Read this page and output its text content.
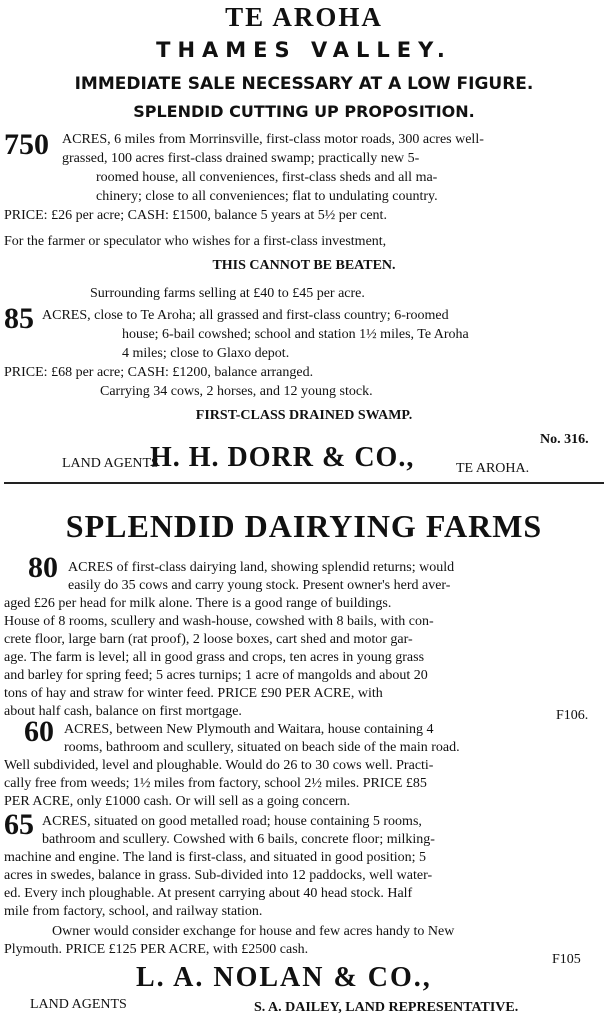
TE AROHA
THAMES VALLEY.
IMMEDIATE SALE NECESSARY AT A LOW FIGURE.
SPLENDID CUTTING UP PROPOSITION.
750 ACRES, 6 miles from Morrinsville, first-class motor roads, 300 acres well-
grassed, 100 acres first-class drained swamp; practically new 5-
roomed house, all conveniences, first-class sheds and all ma-
chinery; close to all conveniences; flat to undulating country.
PRICE: £26 per acre; CASH: £1500, balance 5 years at 5½ per cent.
For the farmer or speculator who wishes for a first-class investment,
THIS CANNOT BE BEATEN.
Surrounding farms selling at £40 to £45 per acre.
85 ACRES, close to Te Aroha; all grassed and first-class country; 6-roomed
house; 6-bail cowshed; school and station 1½ miles, Te Aroha
4 miles; close to Glaxo depot.
PRICE: £68 per acre; CASH: £1200, balance arranged.
Carrying 34 cows, 2 horses, and 12 young stock.
FIRST-CLASS DRAINED SWAMP.
No. 316.
H. H. DORR & CO.,
LAND AGENTS	TE AROHA.
SPLENDID DAIRYING FARMS
80 ACRES of first-class dairying land, showing splendid returns; would
easily do 35 cows and carry young stock. Present owner's herd aver-
aged £26 per head for milk alone. There is a good range of buildings.
House of 8 rooms, scullery and wash-house, cowshed with 8 bails, with con-
crete floor, large barn (rat proof), 2 loose boxes, cart shed and motor gar-
age. The farm is level; all in good grass and crops, ten acres in young grass
and barley for spring feed; 5 acres turnips; 1 acre of mangolds and about 20
tons of hay and straw for winter feed. PRICE £90 PER ACRE, with
about half cash, balance on first mortgage.	F106.
60 ACRES, between New Plymouth and Waitara, house containing 4
rooms, bathroom and scullery, situated on beach side of the main road.
Well subdivided, level and ploughable. Would do 26 to 30 cows well. Practi-
cally free from weeds; 1½ miles from factory, school 2½ miles. PRICE £85
PER ACRE, only £1000 cash. Or will sell as a going concern.
65 ACRES, situated on good metalled road; house containing 5 rooms,
bathroom and scullery. Cowshed with 6 bails, concrete floor; milking-
machine and engine. The land is first-class, and situated in good position; 5
acres in swedes, balance in grass. Sub-divided into 12 paddocks, well water-
ed. Every inch ploughable. At present carrying about 40 head stock. Half
mile from factory, school, and railway station.
Owner would consider exchange for house and few acres handy to New
Plymouth. PRICE £125 PER ACRE, with £2500 cash.
F105
L. A. NOLAN & CO.,
LAND AGENTS	S. A. DAILEY, LAND REPRESENTATIVE.
